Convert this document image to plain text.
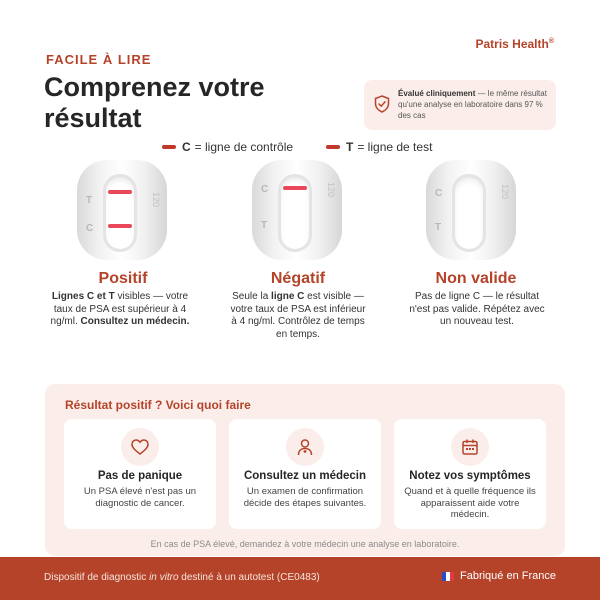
FACILE À LIRE
Patris Health®
Comprenez votre résultat
Évalué cliniquement — le même résultat qu'une analyse en laboratoire dans 97 % des cas
C = ligne de contrôle	T = ligne de test
T
C
120
C
T
120	C
T
120
Positif
Lignes C et T visibles — votre taux de PSA est supérieur à 4 ng/ml. Consultez un médecin.
Négatif
Seule la ligne C est visible — votre taux de PSA est inférieur à 4 ng/ml. Contrôlez de temps en temps.
Non valide
Pas de ligne C — le résultat n'est pas valide. Répétez avec un nouveau test.
Résultat positif ? Voici quoi faire
Pas de panique
Un PSA élevé n'est pas un diagnostic de cancer.
Consultez un médecin
Un examen de confirmation décide des étapes suivantes.
Notez vos symptômes
Quand et à quelle fréquence ils apparaissent aide votre médecin.
En cas de PSA élevé, demandez à votre médecin une analyse en laboratoire.
Dispositif de diagnostic in vitro destiné à un autotest (CE0483)	Fabriqué en France
